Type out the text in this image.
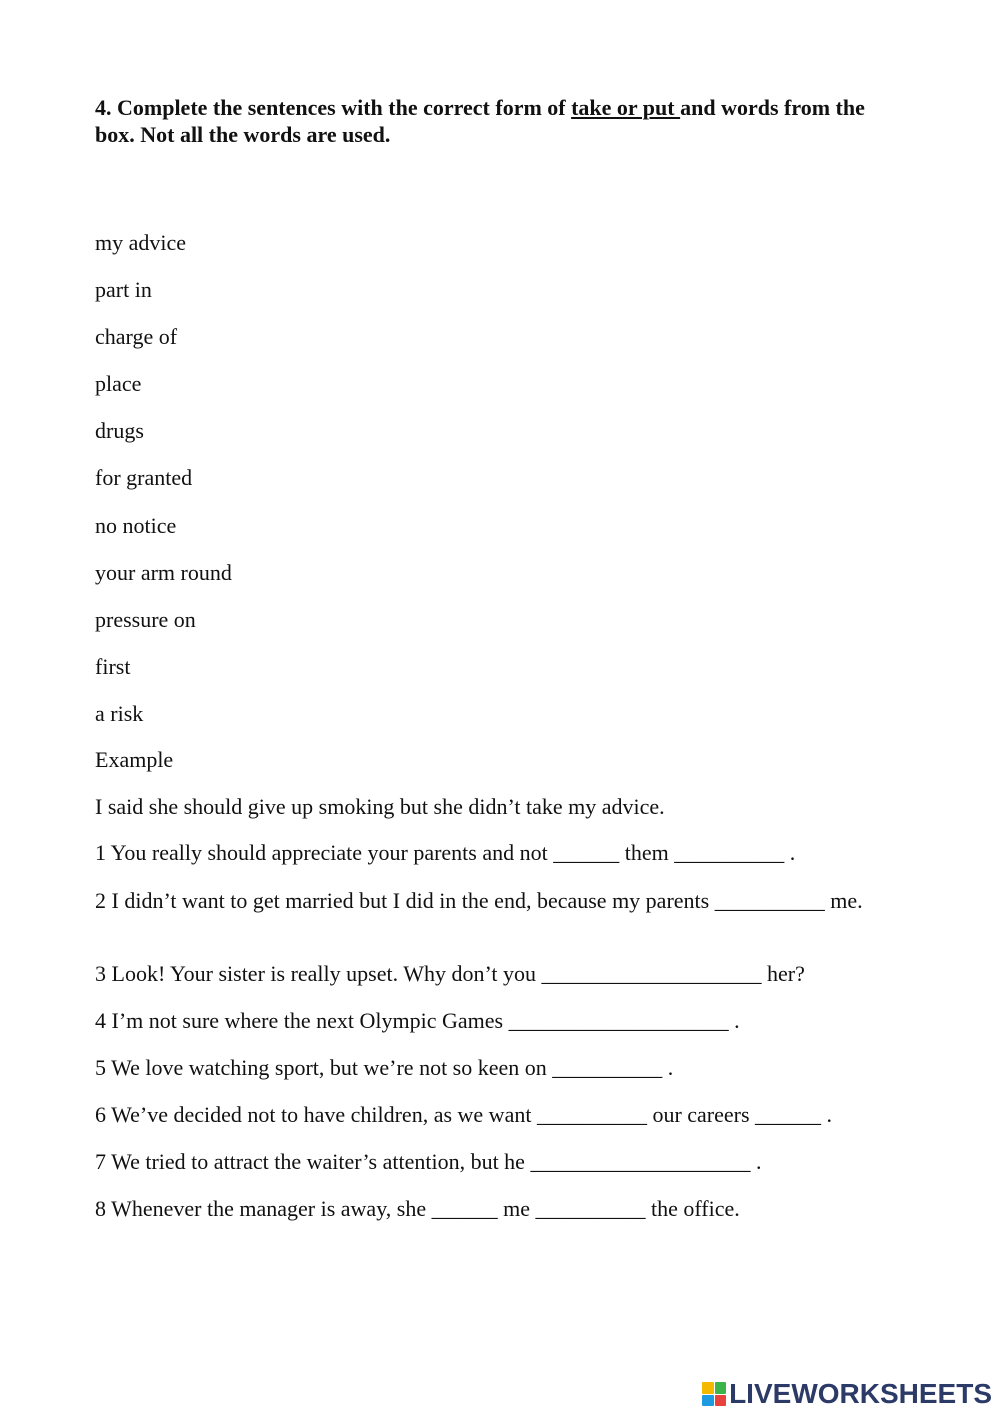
4. Complete the sentences with the correct form of take or put and words from the box. Not all the words are used.
my advice
part in
charge of
place
drugs
for granted
no notice
your arm round
pressure on
first
a risk
Example
I said she should give up smoking but she didn’t take my advice.
1 You really should appreciate your parents and not ______ them __________ .
2 I didn’t want to get married but I did in the end, because my parents __________ me.
3 Look! Your sister is really upset. Why don’t you ____________________ her?
4 I’m not sure where the next Olympic Games ____________________ .
5 We love watching sport, but we’re not so keen on __________ .
6 We’ve decided not to have children, as we want __________ our careers ______ .
7 We tried to attract the waiter’s attention, but he ____________________ .
8 Whenever the manager is away, she ______ me __________ the office.
LIVEWORKSHEETS
